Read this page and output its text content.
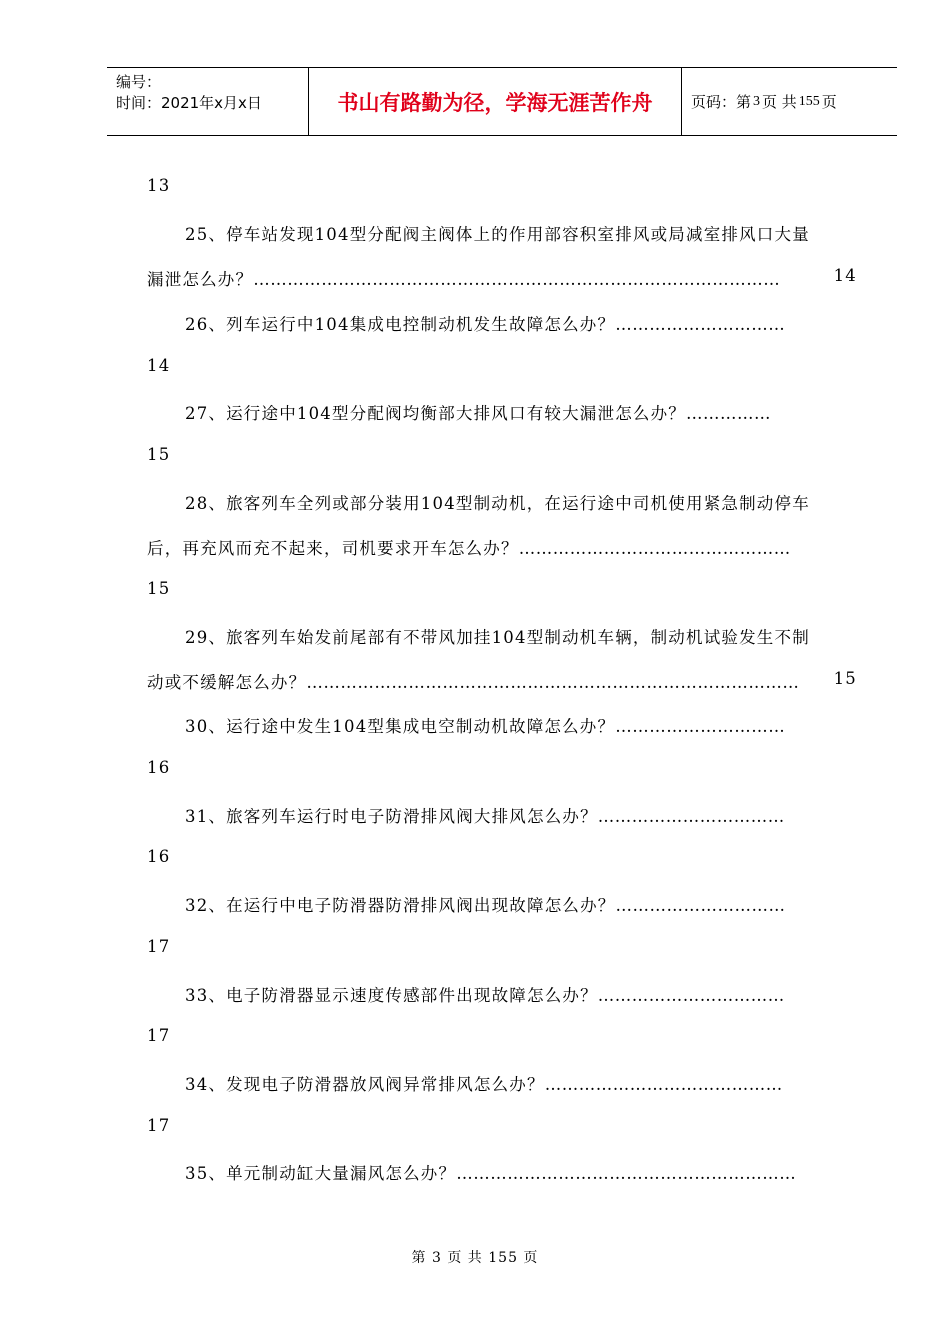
编号：
时间：2021年x月x日	书山有路勤为径，学海无涯苦作舟	页码：第 3 页 共 155 页
13
25、停车站发现104型分配阀主阀体上的作用部容积室排风或局减室排风口大量
漏泄怎么办？…………………………………………………………………………………	14
26、列车运行中104集成电控制动机发生故障怎么办？…………………………
14
27、运行途中104型分配阀均衡部大排风口有较大漏泄怎么办？……………
15
28、旅客列车全列或部分装用104型制动机，在运行途中司机使用紧急制动停车
后，再充风而充不起来，司机要求开车怎么办？…………………………………………
15
29、旅客列车始发前尾部有不带风加挂104型制动机车辆，制动机试验发生不制
动或不缓解怎么办？…………………………………………………………………………… 15
30、运行途中发生104型集成电空制动机故障怎么办？…………………………
16
31、旅客列车运行时电子防滑排风阀大排风怎么办？……………………………
16
32、在运行中电子防滑器防滑排风阀出现故障怎么办？…………………………
17
33、电子防滑器显示速度传感部件出现故障怎么办？……………………………
17
34、发现电子防滑器放风阀异常排风怎么办？……………………………………
17
35、单元制动缸大量漏风怎么办？……………………………………………………
第 3 页 共 155 页
